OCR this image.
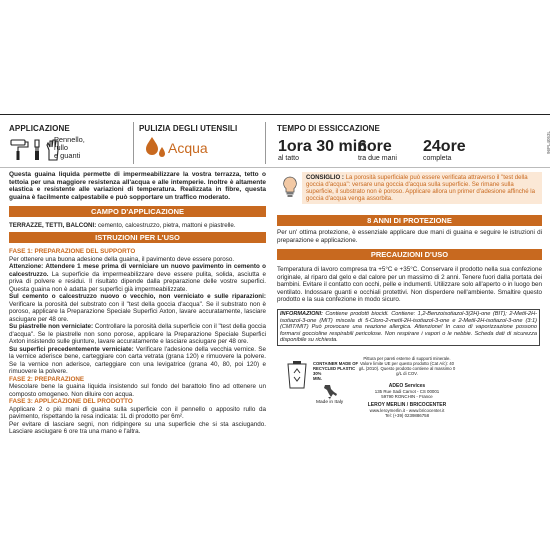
96PL4053L
APPLICAZIONE
Pennello,
rullo
e guanti
PULIZIA DEGLI UTENSILI
Acqua
TEMPO DI ESSICCAZIONE
1ora 30 min
al tatto
6ore
tra due mani
24ore
completa
Questa guaina liquida permette di impermeabilizzare la vostra terrazza, tetto o tettoia per una maggiore resistenza all'acqua e alle intemperie. Inoltre è altamente elastica e resistente alle variazioni di temperatura. Realizzata in fibre, questa guaina è facilmente calpestabile e può sopportare un traffico moderato.
CAMPO D'APPLICAZIONE
TERRAZZE, TETTI, BALCONI: cemento, calcestruzzo, pietra, mattoni e piastrelle.
ISTRUZIONI PER L'USO
FASE 1: PREPARAZIONE DEL SUPPORTO
Per ottenere una buona adesione della guaina, il pavimento deve essere poroso.
Attenzione: Attendere 1 mese prima di verniciare un nuovo pavimento in cemento o calcestruzzo. La superficie da impermeabilizzare deve essere pulita, solida, asciutta e priva di polvere e residui. Il risultato dipende dalla preparazione delle vostre superfici. Questa guaina non è adatta per superfici già impermeabilizzate.
Sul cemento o calcestruzzo nuovo o vecchio, non verniciato e sulle riparazioni: Verificare la porosità del substrato con il "test della goccia d'acqua". Se il substrato non è poroso, applicare la Preparazione Speciale Superfici Axton, lavare accuratamente, lasciare asciugare per 48 ore.
Su piastrelle non verniciate: Controllare la porosità della superficie con il "test della goccia d'acqua". Se le piastrelle non sono porose, applicare la Preparazione Speciale Superfici Axton insistendo sulle giunture, lavare accuratamente e lasciare asciugare per 48 ore.
Su superfici precedentemente verniciate: Verificare l'adesione della vecchia vernice. Se la vernice aderisce bene, carteggiare con carta vetrata (grana 120) e rimuovere la polvere. Se la vernice non aderisce, carteggiare con una levigatrice (grana 40, 80, poi 120) e rimuovere la polvere.
FASE 2: PREPARAZIONE
Mescolare bene la guaina liquida insistendo sul fondo del barattolo fino ad ottenere un composto omogeneo. Non diluire con acqua.
FASE 3: APPLICAZIONE DEL PRODOTTO
Applicare 2 o più mani di guaina sulla superficie con il pennello o apposito rullo da pavimento, rispettando la resa indicata: 1L di prodotto per 6m².
Per evitare di lasciare segni, non ridipingere su una superficie che si sta asciugando. Lasciare asciugare 6 ore tra una mano e l'altra.
CONSIGLIO : La porosità superficiale può essere verificata attraverso il "test della goccia d'acqua": versare una goccia d'acqua sulla superficie. Se rimane sulla superficie, il substrato non è poroso. Applicare allora un primer d'adesione affinché la goccia d'acqua venga assorbita.
8 ANNI DI PROTEZIONE
Per un' ottima protezione, è essenziale applicare due mani di guaina e seguire le istruzioni di preparazione e applicazione.
PRECAUZIONI D'USO
Temperatura di lavoro compresa tra +5°C e +35°C. Conservare il prodotto nella sua confezione originale, al riparo dal gelo e dal calore per un massimo di 2 anni. Tenere fuori dalla portata dei bambini. Evitare il contatto con occhi, pelle e indumenti. Utilizzare solo all'aperto o in luogo ben ventilato. Indossare guanti e occhiali protettivi. Non disperdere nell'ambiente. Smaltire questo prodotto e la sua confezione in modo sicuro.
INFORMAZIONI: Contiene prodotti biocidi. Contiene: 1,2-Benzoisotiazol-3(2H)-one (BIT); 2-Metil-2H-isotiazol-3-one (MIT) miscela di 5-Cloro-2-metil-2H-isotiazol-3-one e 2-Metil-2H-isotiazol-3-one (3:1) (CMIT/MIT) Può provocare una reazione allergica. Attenzione! In caso di vaporizzazione possono formarsi goccioline respirabili pericolose. Non respirare i vapori o le nebbie. Scheda dati di sicurezza disponibile su richiesta.
CONTAINER MADE OF
RECYCLED PLASTIC
30%
MIN.
Made in Italy
Pittura per pareti esterne di supporti minerale. Valore limite UE per questo prodotto (Cat A/c): 40 g/L (2010). Questo prodotto contiene al massimo 0 g/L di COV.
ADEO Services
135 Rue Sadi Carnot - CS 00001
59790 RONCHIN - France
LEROY MERLIN / BRICOCENTER
www.leroymerlin.it - www.bricocenter.it
Tel: (+39) 0239886758
